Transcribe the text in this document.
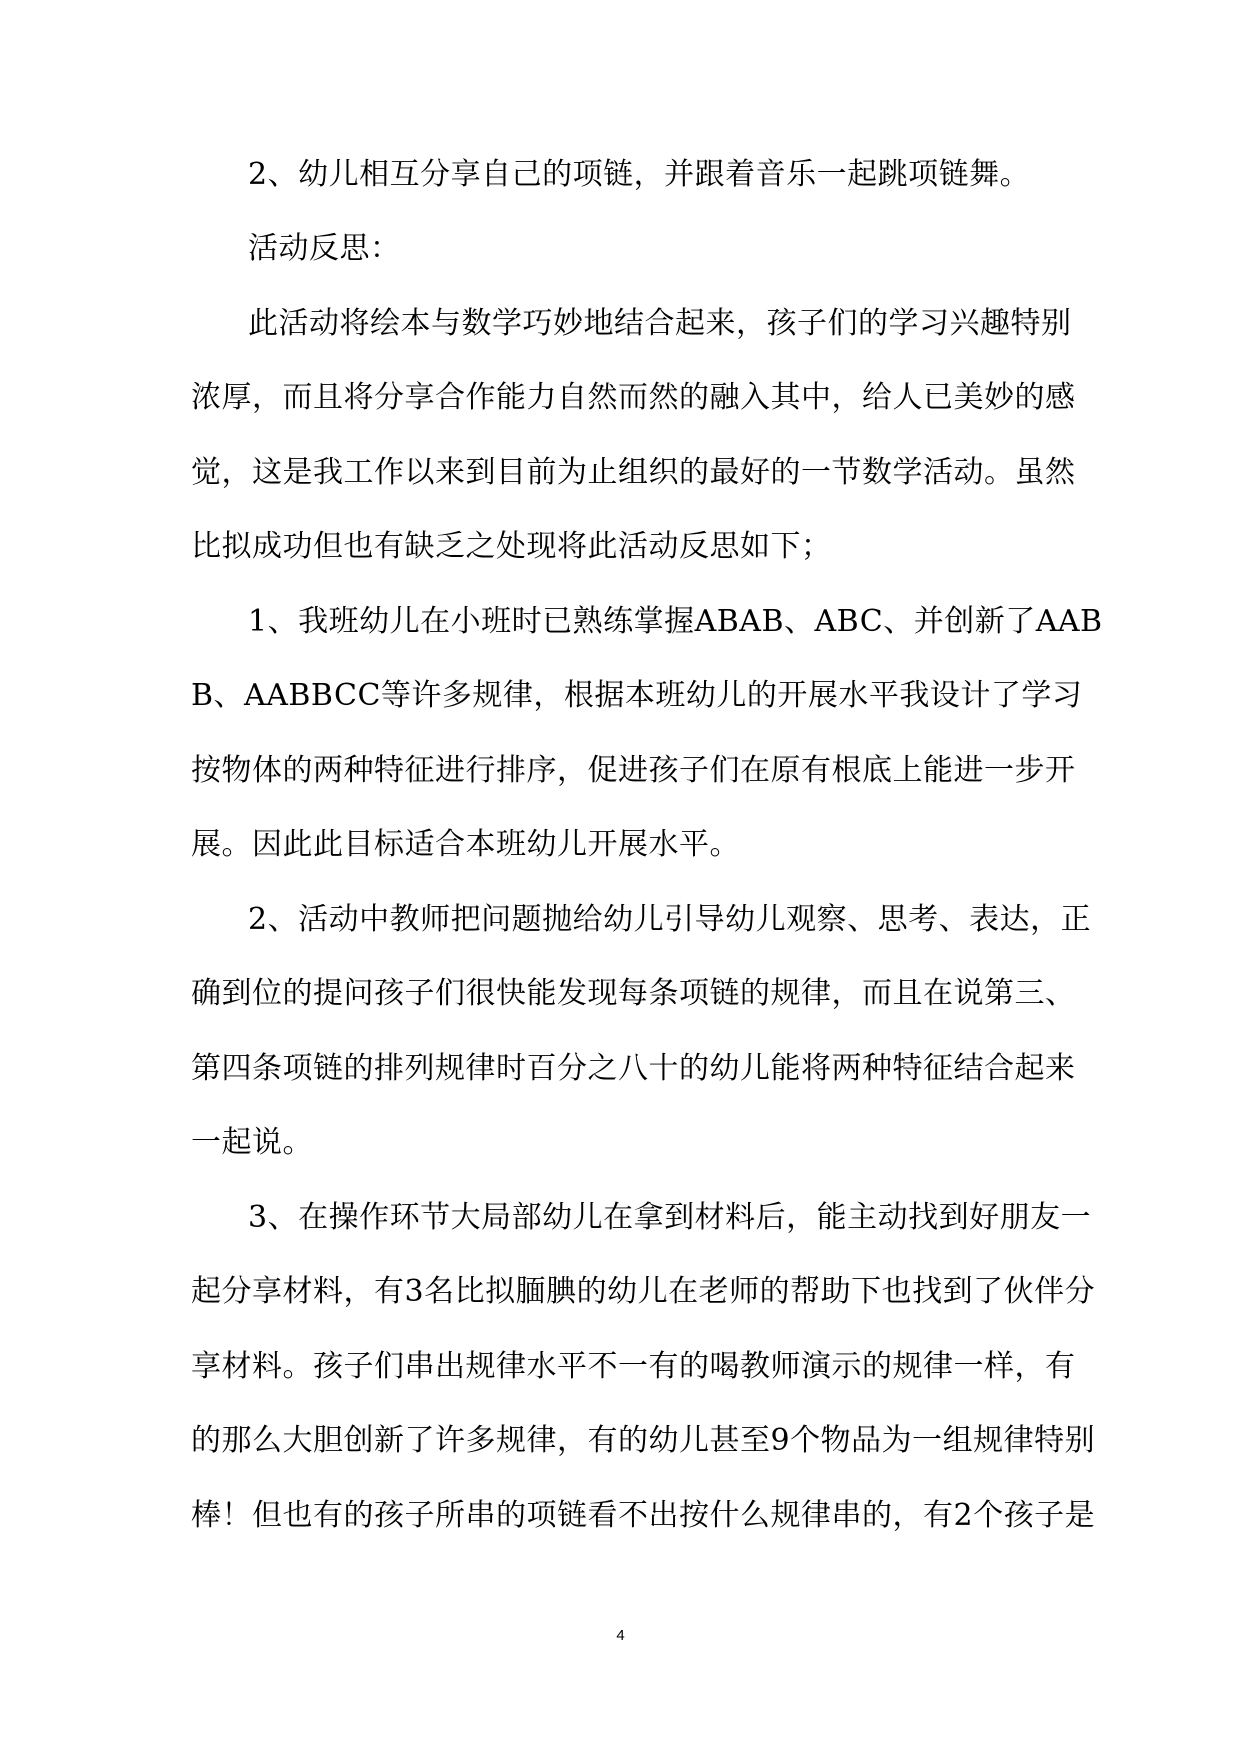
2、幼儿相互分享自己的项链，并跟着音乐一起跳项链舞。
活动反思：
此活动将绘本与数学巧妙地结合起来，孩子们的学习兴趣特别
浓厚，而且将分享合作能力自然而然的融入其中，给人已美妙的感
觉，这是我工作以来到目前为止组织的最好的一节数学活动。虽然
比拟成功但也有缺乏之处现将此活动反思如下；
1、我班幼儿在小班时已熟练掌握ABAB、ABC、并创新了AAB
B、AABBCC等许多规律，根据本班幼儿的开展水平我设计了学习
按物体的两种特征进行排序，促进孩子们在原有根底上能进一步开
展。因此此目标适合本班幼儿开展水平。
2、活动中教师把问题抛给幼儿引导幼儿观察、思考、表达，正
确到位的提问孩子们很快能发现每条项链的规律，而且在说第三、
第四条项链的排列规律时百分之八十的幼儿能将两种特征结合起来
一起说。
3、在操作环节大局部幼儿在拿到材料后，能主动找到好朋友一
起分享材料，有3名比拟腼腆的幼儿在老师的帮助下也找到了伙伴分
享材料。孩子们串出规律水平不一有的喝教师演示的规律一样，有
的那么大胆创新了许多规律，有的幼儿甚至9个物品为一组规律特别
棒！但也有的孩子所串的项链看不出按什么规律串的，有2个孩子是
4
